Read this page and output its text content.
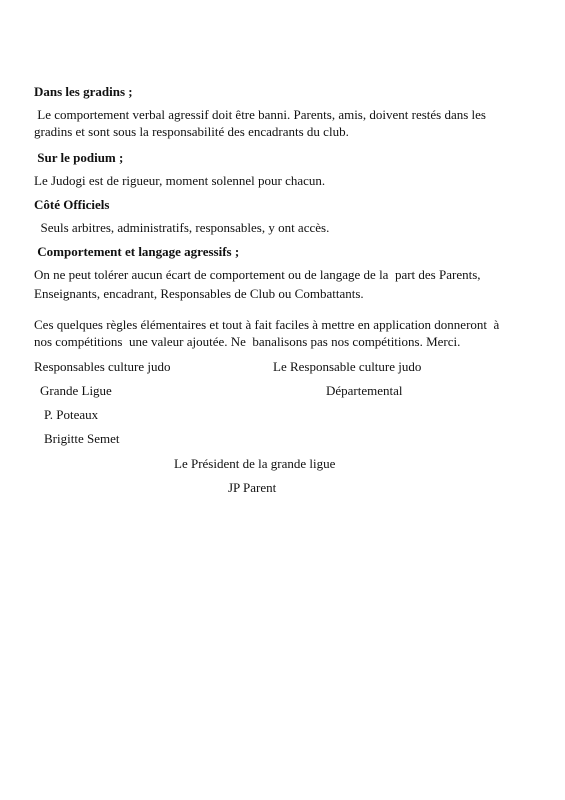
Dans les gradins ;

Le comportement verbal agressif doit être banni. Parents, amis, doivent restés dans les

gradins et sont sous la responsabilité des encadrants du club.

Sur le podium ;

Le Judogi est de rigueur, moment solennel pour chacun.

Côté Officiels

Seuls arbitres, administratifs, responsables, y ont accès.

Comportement et langage agressifs ;

On ne peut tolérer aucun écart de comportement ou de langage de la  part des Parents,

Enseignants, encadrant, Responsables de Club ou Combattants.

Ces quelques règles élémentaires et tout à fait faciles à mettre en application donneront  à

nos compétitions  une valeur ajoutée. Ne  banalisons pas nos compétitions. Merci.

Responsables culture judo	Le Responsable culture judo

Grande Ligue	Départemental

P. Poteaux

Brigitte Semet

Le Président de la grande ligue

JP Parent
